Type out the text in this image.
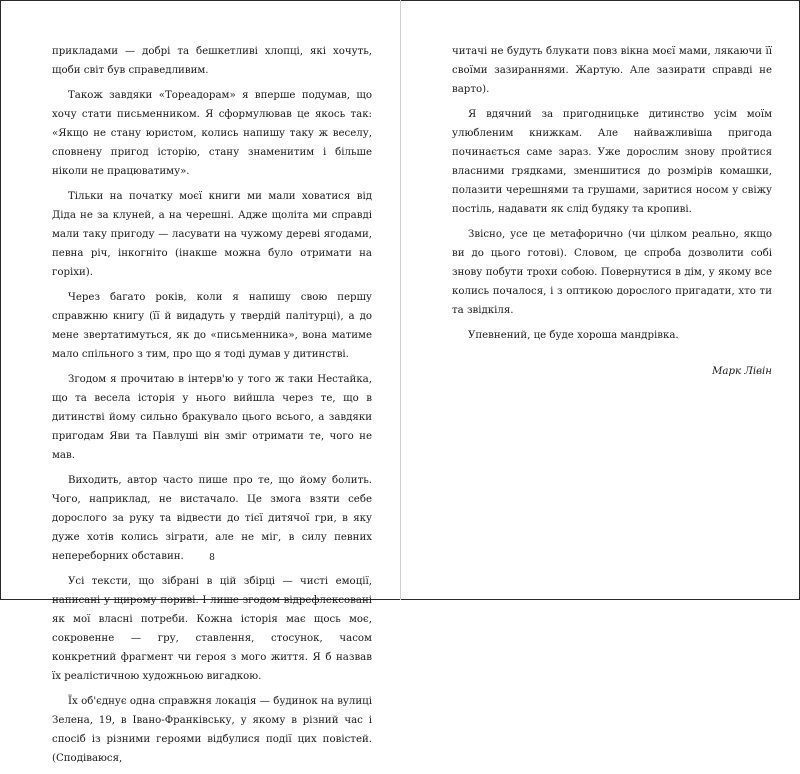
прикладами — добрі та бешкетливі хлопці, які хочуть, щоби світ був справедливим.

Також завдяки «Тореадорам» я вперше подумав, що хочу стати письменником. Я сформулював це якось так: «Якщо не стану юристом, колись напишу таку ж веселу, сповнену пригод історію, стану знаменитим і більше ніколи не працюватиму».

Тільки на початку моєї книги ми мали ховатися від Діда не за клуней, а на черешні. Адже щоліта ми справді мали таку пригоду — ласувати на чужому дереві ягодами, певна річ, інкогніто (інакше можна було отримати на горіхи).

Через багато років, коли я напишу свою першу справжню книгу (її й видадуть у твердій палітурці), а до мене звертатимуться, як до «письменника», вона матиме мало спільного з тим, про що я тоді думав у дитинстві.

Згодом я прочитаю в інтерв'ю у того ж таки Нестайка, що та весела історія у нього вийшла через те, що в дитинстві йому сильно бракувало цього всього, а завдяки пригодам Яви та Павлуші він зміг отримати те, чого не мав.

Виходить, автор часто пише про те, що йому болить. Чого, наприклад, не вистачало. Це змога взяти себе дорослого за руку та відвести до тієї дитячої гри, в яку дуже хотів колись зіграти, але не міг, в силу певних непереборних обставин.

Усі тексти, що зібрані в цій збірці — чисті емоції, написані у щирому пориві. І лише згодом відрефлексовані як мої власні потреби. Кожна історія має щось моє, сокровенне — гру, ставлення, стосунок, часом конкретний фрагмент чи героя з мого життя. Я б назвав їх реалістичною художньою вигадкою.

Їх об'єднує одна справжня локація — будинок на вулиці Зелена, 19, в Івано-Франківську, у якому в різний час і спосіб із різними героями відбулися події цих повістей. (Сподіваюся,

8

читачі не будуть блукати повз вікна моєї мами, лякаючи її своїми зазираннями. Жартую. Але зазирати справді не варто).

Я вдячний за пригодницьке дитинство усім моїм улюбленим книжкам. Але найважливіша пригода починається саме зараз. Уже дорослим знову пройтися власними грядками, зменшитися до розмірів комашки, полазити черешнями та грушами, заритися носом у свіжу постіль, надавати як слід будяку та кропиві.

Звісно, усе це метафорично (чи цілком реально, якщо ви до цього готові). Словом, це спроба дозволити собі знову побути трохи собою. Повернутися в дім, у якому все колись почалося, і з оптикою дорослого пригадати, хто ти та звідкіля.

Упевнений, це буде хороша мандрівка.

Марк Лівін
